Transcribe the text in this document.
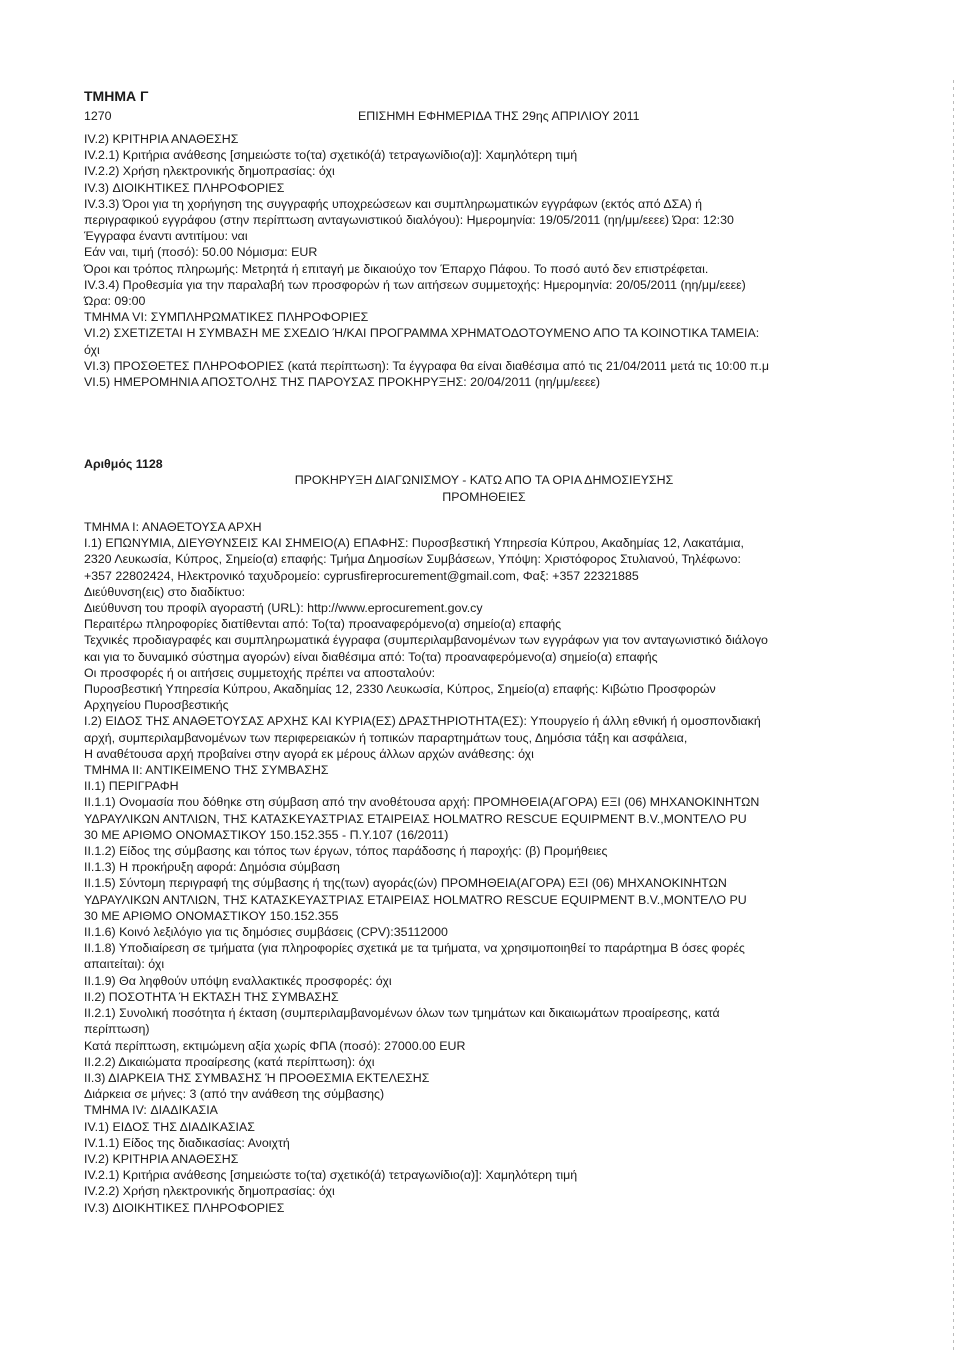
ΤΜΗΜΑ Γ
1270	ΕΠΙΣΗΜΗ ΕΦΗΜΕΡΙΔΑ ΤΗΣ 29ης ΑΠΡΙΛΙΟΥ 2011

IV.2) ΚΡΙΤΗΡΙΑ ΑΝΑΘΕΣΗΣ

IV.2.1) Κριτήρια ανάθεσης [σημειώστε το(τα) σχετικό(ά) τετραγωνίδιο(α)]: Χαμηλότερη τιμή

IV.2.2) Χρήση ηλεκτρονικής δημοπρασίας: όχι

IV.3) ΔΙΟΙΚΗΤΙΚΕΣ ΠΛΗΡΟΦΟΡΙΕΣ

IV.3.3) Όροι για τη χορήγηση της συγγραφής υποχρεώσεων και συμπληρωματικών εγγράφων (εκτός από ΔΣΑ) ή

περιγραφικού εγγράφου (στην περίπτωση ανταγωνιστικού διαλόγου): Ημερομηνία: 19/05/2011 (ηη/μμ/εεεε) Ώρα: 12:30

Έγγραφα έναντι αντιτίμου: ναι

Εάν ναι, τιμή (ποσό): 50.00 Νόμισμα: EUR

Όροι και τρόπος πληρωμής: Μετρητά ή επιταγή με δικαιούχο τον Έπαρχο Πάφου. Το ποσό αυτό δεν επιστρέφεται.

IV.3.4) Προθεσμία για την παραλαβή των προσφορών ή των αιτήσεων συμμετοχής: Ημερομηνία: 20/05/2011 (ηη/μμ/εεεε)

Ώρα: 09:00

ΤΜΗΜΑ VI: ΣΥΜΠΛΗΡΩΜΑΤΙΚΕΣ ΠΛΗΡΟΦΟΡΙΕΣ

VI.2) ΣΧΕΤΙΖΕΤΑΙ Η ΣΥΜΒΑΣΗ ΜΕ ΣΧΕΔΙΟ Ή/ΚΑΙ ΠΡΟΓΡΑΜΜΑ ΧΡΗΜΑΤΟΔΟΤΟΥΜΕΝΟ ΑΠΟ ΤΑ ΚΟΙΝΟΤΙΚΑ ΤΑΜΕΙΑ:

όχι

VI.3) ΠΡΟΣΘΕΤΕΣ ΠΛΗΡΟΦΟΡΙΕΣ (κατά περίπτωση): Τα έγγραφα θα είναι διαθέσιμα από τις 21/04/2011 μετά τις 10:00 π.μ

VI.5) ΗΜΕΡΟΜΗΝΙΑ ΑΠΟΣΤΟΛΗΣ ΤΗΣ ΠΑΡΟΥΣΑΣ ΠΡΟΚΗΡΥΞΗΣ: 20/04/2011 (ηη/μμ/εεεε)

Αριθμός 1128
ΠΡΟΚΗΡΥΞΗ ΔΙΑΓΩΝΙΣΜΟΥ - ΚΑΤΩ ΑΠΟ ΤΑ ΟΡΙΑ ΔΗΜΟΣΙΕΥΣΗΣ
ΠΡΟΜΗΘΕΙΕΣ

ΤΜΗΜΑ Ι: ΑΝΑΘΕΤΟΥΣΑ ΑΡΧΗ

Ι.1) ΕΠΩΝΥΜΙΑ, ΔΙΕΥΘΥΝΣΕΙΣ ΚΑΙ ΣΗΜΕΙΟ(Α) ΕΠΑΦΗΣ: Πυροσβεστική Υπηρεσία Κύπρου, Ακαδημίας 12, Λακατάμια,

2320 Λευκωσία, Κύπρος, Σημείο(α) επαφής: Τμήμα Δημοσίων Συμβάσεων, Υπόψη: Χριστόφορος Στυλιανού, Τηλέφωνο:

+357 22802424, Ηλεκτρονικό ταχυδρομείο: cyprusfireprocurement@gmail.com, Φαξ: +357 22321885

Διεύθυνση(εις) στο διαδίκτυο:

Διεύθυνση του προφίλ αγοραστή (URL): http://www.eprocurement.gov.cy

Περαιτέρω πληροφορίες διατίθενται από: Το(τα) προαναφερόμενο(α) σημείο(α) επαφής

Τεχνικές προδιαγραφές και συμπληρωματικά έγγραφα (συμπεριλαμβανομένων των εγγράφων για τον ανταγωνιστικό διάλογο

και για το δυναμικό σύστημα αγορών) είναι διαθέσιμα από: Το(τα) προαναφερόμενο(α) σημείο(α) επαφής

Οι προσφορές ή οι αιτήσεις συμμετοχής πρέπει να αποσταλούν:

Πυροσβεστική Υπηρεσία Κύπρου, Ακαδημίας 12, 2330 Λευκωσία, Κύπρος, Σημείο(α) επαφής: Κιβώτιο Προσφορών

Αρχηγείου Πυροσβεστικής

Ι.2) ΕΙΔΟΣ ΤΗΣ ΑΝΑΘΕΤΟΥΣΑΣ ΑΡΧΗΣ ΚΑΙ ΚΥΡΙΑ(ΕΣ) ΔΡΑΣΤΗΡΙΟΤΗΤΑ(ΕΣ): Υπουργείο ή άλλη εθνική ή ομοσπονδιακή

αρχή, συμπεριλαμβανομένων των περιφερειακών ή τοπικών παραρτημάτων τους, Δημόσια τάξη και ασφάλεια,

Η αναθέτουσα αρχή προβαίνει στην αγορά εκ μέρους άλλων αρχών ανάθεσης: όχι

ΤΜΗΜΑ ΙΙ: ΑΝΤΙΚΕΙΜΕΝΟ ΤΗΣ ΣΥΜΒΑΣΗΣ

ΙΙ.1) ΠΕΡΙΓΡΑΦΗ

ΙΙ.1.1) Ονομασία που δόθηκε στη σύμβαση από την ανοθέτουσα αρχή: ΠΡΟΜΗΘΕΙΑ(ΑΓΟΡΑ) ΕΞΙ (06) ΜΗΧΑΝΟΚΙΝΗΤΩΝ

ΥΔΡΑΥΛΙΚΩΝ ΑΝΤΛΙΩΝ, ΤΗΣ ΚΑΤΑΣΚΕΥΑΣΤΡΙΑΣ ΕΤΑΙΡΕΙΑΣ HOLMATRO RESCUE EQUIPMENT B.V.,ΜΟΝΤΕΛΟ PU

30 ΜΕ ΑΡΙΘΜΟ ΟΝΟΜΑΣΤΙΚΟΥ 150.152.355 - Π.Υ.107 (16/2011)

ΙΙ.1.2) Είδος της σύμβασης και τόπος των έργων, τόπος παράδοσης ή παροχής: (β) Προμήθειες

ΙΙ.1.3) Η προκήρυξη αφορά: Δημόσια σύμβαση

ΙΙ.1.5) Σύντομη περιγραφή της σύμβασης ή της(των) αγοράς(ών) ΠΡΟΜΗΘΕΙΑ(ΑΓΟΡΑ) ΕΞΙ (06) ΜΗΧΑΝΟΚΙΝΗΤΩΝ

ΥΔΡΑΥΛΙΚΩΝ ΑΝΤΛΙΩΝ, ΤΗΣ ΚΑΤΑΣΚΕΥΑΣΤΡΙΑΣ ΕΤΑΙΡΕΙΑΣ HOLMATRO RESCUE EQUIPMENT B.V.,ΜΟΝΤΕΛΟ PU

30 ΜΕ ΑΡΙΘΜΟ ΟΝΟΜΑΣΤΙΚΟΥ 150.152.355

ΙΙ.1.6) Κοινό λεξιλόγιο για τις δημόσιες συμβάσεις (CPV):35112000

ΙΙ.1.8) Υποδιαίρεση σε τμήματα (για πληροφορίες σχετικά με τα τμήματα, να χρησιμοποιηθεί το παράρτημα Β όσες φορές

απαιτείται): όχι

ΙΙ.1.9) Θα ληφθούν υπόψη εναλλακτικές προσφορές: όχι

ΙΙ.2) ΠΟΣΟΤΗΤΑ Ή ΕΚΤΑΣΗ ΤΗΣ ΣΥΜΒΑΣΗΣ

ΙΙ.2.1) Συνολική ποσότητα ή έκταση (συμπεριλαμβανομένων όλων των τμημάτων και δικαιωμάτων προαίρεσης, κατά

περίπτωση)

Κατά περίπτωση, εκτιμώμενη αξία χωρίς ΦΠΑ (ποσό): 27000.00 EUR

ΙΙ.2.2) Δικαιώματα προαίρεσης (κατά περίπτωση): όχι

ΙΙ.3) ΔΙΑΡΚΕΙΑ ΤΗΣ ΣΥΜΒΑΣΗΣ Ή ΠΡΟΘΕΣΜΙΑ ΕΚΤΕΛΕΣΗΣ

Διάρκεια σε μήνες: 3 (από την ανάθεση της σύμβασης)

ΤΜΗΜΑ IV: ΔΙΑΔΙΚΑΣΙΑ

IV.1) ΕΙΔΟΣ ΤΗΣ ΔΙΑΔΙΚΑΣΙΑΣ

IV.1.1) Είδος της διαδικασίας: Ανοιχτή

IV.2) ΚΡΙΤΗΡΙΑ ΑΝΑΘΕΣΗΣ

IV.2.1) Κριτήρια ανάθεσης [σημειώστε το(τα) σχετικό(ά) τετραγωνίδιο(α)]: Χαμηλότερη τιμή

IV.2.2) Χρήση ηλεκτρονικής δημοπρασίας: όχι

IV.3) ΔΙΟΙΚΗΤΙΚΕΣ ΠΛΗΡΟΦΟΡΙΕΣ
